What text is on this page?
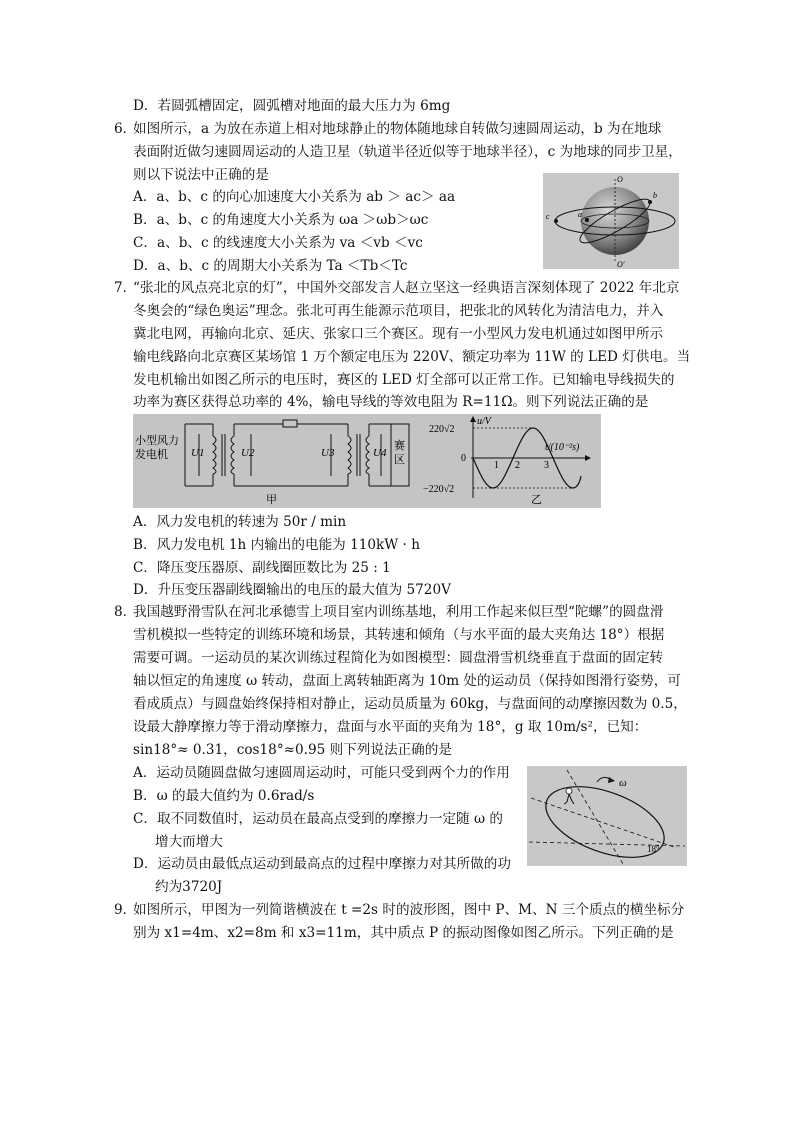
D．若圆弧槽固定，圆弧槽对地面的最大压力为 6mg
6．
如图所示，a 为放在赤道上相对地球静止的物体随地球自转做匀速圆周运动，b 为在地球
表面附近做匀速圆周运动的人造卫星（轨道半径近似等于地球半径），c 为地球的同步卫星，
则以下说法中正确的是
A．a、b、c 的向心加速度大小关系为 ab ＞ ac＞ aa
B．a、b、c 的角速度大小关系为 ωa ＞ωb＞ωc
C．a、b、c 的线速度大小关系为 va ＜vb ＜vc
D．a、b、c 的周期大小关系为 Ta ＜Tb＜Tc
O
O′
a
b
c
7．
“张北的风点亮北京的灯”，中国外交部发言人赵立坚这一经典语言深刻体现了 2022 年北京
冬奥会的“绿色奥运”理念。张北可再生能源示范项目，把张北的风转化为清洁电力，并入
冀北电网，再输向北京、延庆、张家口三个赛区。现有一小型风力发电机通过如图甲所示
输电线路向北京赛区某场馆 1 万个额定电压为 220V、额定功率为 11W 的 LED 灯供电。当
发电机输出如图乙所示的电压时，赛区的 LED 灯全部可以正常工作。已知输电导线损失的
功率为赛区获得总功率的 4%，输电导线的等效电阻为 R=11Ω。则下列说法正确的是
小型风力
发电机 U1	U2	U3	U4
赛
区
甲
u/V
220√2
0
−220√2
1 2 3
t/(10⁻²s)
乙
A．风力发电机的转速为 50r / min
B．风力发电机 1h 内输出的电能为 110kW · h
C．降压变压器原、副线圈匝数比为 25 : 1
D．升压变压器副线圈输出的电压的最大值为 5720V
8．
我国越野滑雪队在河北承德雪上项目室内训练基地，利用工作起来似巨型“陀螺”的圆盘滑
雪机模拟一些特定的训练环境和场景，其转速和倾角（与水平面的最大夹角达 18°）根据
需要可调。一运动员的某次训练过程简化为如图模型：圆盘滑雪机绕垂直于盘面的固定转
轴以恒定的角速度 ω 转动，盘面上离转轴距离为 10m 处的运动员（保持如图滑行姿势，可
看成质点）与圆盘始终保持相对静止，运动员质量为 60kg，与盘面间的动摩擦因数为 0.5，
设最大静摩擦力等于滑动摩擦力，盘面与水平面的夹角为 18°，g 取 10m/s²，已知：
sin18°≈ 0.31，cos18°≈0.95 则下列说法正确的是
A．运动员随圆盘做匀速圆周运动时，可能只受到两个力的作用
B．ω 的最大值约为 0.6rad/s
C．取不同数值时，运动员在最高点受到的摩擦力一定随 ω 的
增大而增大
D．运动员由最低点运动到最高点的过程中摩擦力对其所做的功
约为3720J
ω
18°
9．
如图所示，甲图为一列简谐横波在 t =2s 时的波形图，图中 P、M、N 三个质点的横坐标分
别为 x1=4m、x2=8m 和 x3=11m，其中质点 P 的振动图像如图乙所示。下列正确的是
